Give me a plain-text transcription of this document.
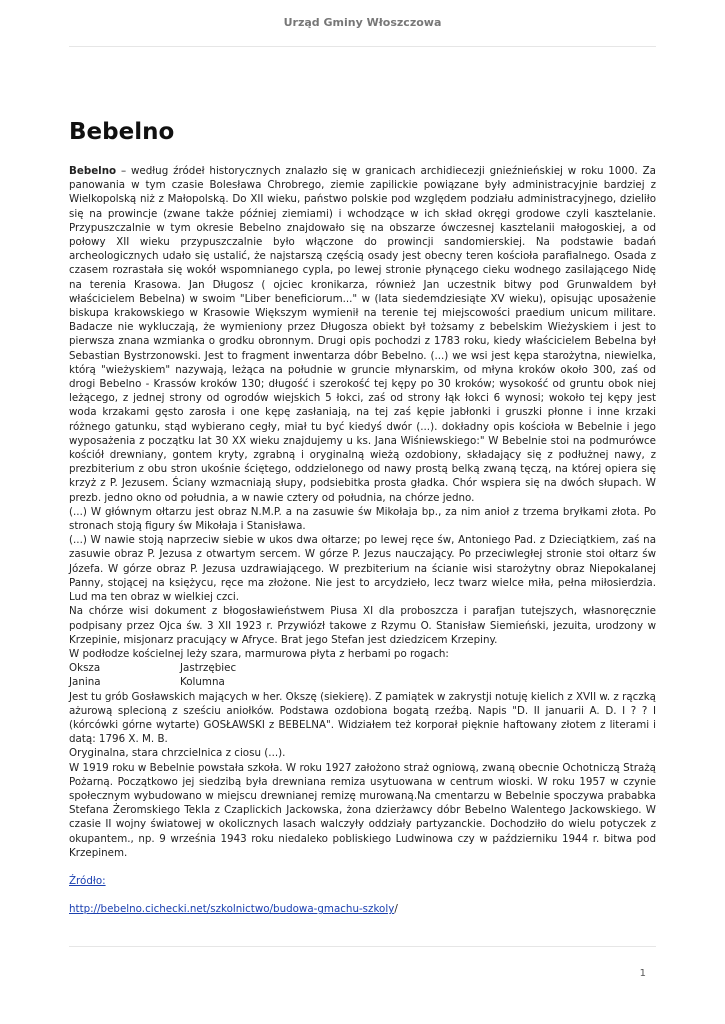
Urząd Gminy Włoszczowa
Bebelno

Bebelno – według źródeł historycznych znalazło się w granicach archidiecezji gnieźnieńskiej w roku 1000. Za panowania w tym czasie Bolesława Chrobrego, ziemie zapilickie powiązane były administracyjnie bardziej z Wielkopolską niż z Małopolską. Do XII wieku, państwo polskie pod względem podziału administracyjnego, dzieliło się na prowincje (zwane także później ziemiami) i wchodzące w ich skład okręgi grodowe czyli kasztelanie. Przypuszczalnie w tym okresie Bebelno znajdowało się na obszarze ówczesnej kasztelanii małogoskiej, a od połowy XII wieku przypuszczalnie było włączone do prowincji sandomierskiej. Na podstawie badań archeologicznych udało się ustalić, że najstarszą częścią osady jest obecny teren kościoła parafialnego. Osada z czasem rozrastała się wokół wspomnianego cypla, po lewej stronie płynącego cieku wodnego zasilającego Nidę na terenia Krasowa. Jan Długosz ( ojciec kronikarza, również Jan uczestnik bitwy pod Grunwaldem był właścicielem Bebelna) w swoim "Liber beneficiorum..." w (lata siedemdziesiąte XV wieku), opisując uposażenie biskupa krakowskiego w Krasowie Większym wymienił na terenie tej miejscowości praedium unicum militare. Badacze nie wykluczają, że wymieniony przez Długosza obiekt był tożsamy z bebelskim Wieżyskiem i jest to pierwsza znana wzmianka o grodku obronnym. Drugi opis pochodzi z 1783 roku, kiedy właścicielem Bebelna był Sebastian Bystrzonowski. Jest to fragment inwentarza dóbr Bebelno. (...) we wsi jest kępa starożytna, niewielka, którą "wieżyskiem" nazywają, leżąca na południe w gruncie młynarskim, od młyna kroków około 300, zaś od drogi Bebelno - Krassów kroków 130; długość i szerokość tej kępy po 30 kroków; wysokość od gruntu obok niej leżącego, z jednej strony od ogrodów wiejskich 5 łokci, zaś od strony łąk łokci 6 wynosi; wokoło tej kępy jest woda krzakami gęsto zarosła i one kępę zasłaniają, na tej zaś kępie jabłonki i gruszki płonne i inne krzaki różnego gatunku, stąd wybierano cegły, miał tu być kiedyś dwór (...). dokładny opis kościoła w Bebelnie i jego wyposażenia z początku lat 30 XX wieku znajdujemy u ks. Jana Wiśniewskiego:" W Bebelnie stoi na podmurówce kościół drewniany, gontem kryty, zgrabną i oryginalną wieżą ozdobiony, składający się z podłużnej nawy, z prezbiterium z obu stron ukośnie ściętego, oddzielonego od nawy prostą belką zwaną tęczą, na której opiera się krzyż z P. Jezusem. Ściany wzmacniają słupy, podsiebitka prosta gładka. Chór wspiera się na dwóch słupach. W prezb. jedno okno od południa, a w nawie cztery od południa, na chórze jedno.

(...) W głównym ołtarzu jest obraz N.M.P. a na zasuwie św Mikołaja bp., za nim anioł z trzema bryłkami złota. Po stronach stoją figury św Mikołaja i Stanisława.

(...) W nawie stoją naprzeciw siebie w ukos dwa ołtarze; po lewej ręce św, Antoniego Pad. z Dzieciątkiem, zaś na zasuwie obraz P. Jezusa z otwartym sercem. W górze P. Jezus nauczający. Po przeciwległej stronie stoi ołtarz św Józefa. W górze obraz P. Jezusa uzdrawiającego. W prezbiterium na ścianie wisi starożytny obraz Niepokalanej Panny, stojącej na księżycu, ręce ma złożone. Nie jest to arcydzieło, lecz twarz wielce miła, pełna miłosierdzia. Lud ma ten obraz w wielkiej czci.

Na chórze wisi dokument z błogosławieństwem Piusa XI dla proboszcza i parafjan tutejszych, własnoręcznie podpisany przez Ojca św. 3 XII 1923 r. Przywiózł takowe z Rzymu O. Stanisław Siemieński, jezuita, urodzony w Krzepinie, misjonarz pracujący w Afryce. Brat jego Stefan jest dziedzicem Krzepiny.

W podłodze kościelnej leży szara, marmurowa płyta z herbami po rogach:

Oksza	Jastrzębiec

Janina	Kolumna

Jest tu grób Gosławskich mających w her. Okszę (siekierę). Z pamiątek w zakrystji notuję kielich z XVII w. z rączką ażurową splecioną z sześciu aniołków. Podstawa ozdobiona bogatą rzeźbą. Napis "D. II januarii A. D. I ? ? I (kórcówki górne wytarte) GOSŁAWSKI z BEBELNA". Widziałem też korporał pięknie haftowany złotem z literami i datą: 1796 X. M. B.

Oryginalna, stara chrzcielnica z ciosu (...).

W 1919 roku w Bebelnie powstała szkoła. W roku 1927 założono straż ogniową, zwaną obecnie Ochotniczą Strażą Pożarną. Początkowo jej siedzibą była drewniana remiza usytuowana w centrum wioski. W roku 1957 w czynie społecznym wybudowano w miejscu drewnianej remizę murowaną.Na cmentarzu w Bebelnie spoczywa prababka Stefana Żeromskiego Tekla z Czaplickich Jackowska, żona dzierżawcy dóbr Bebelno Walentego Jackowskiego. W czasie II wojny światowej w okolicznych lasach walczyły oddziały partyzanckie. Dochodziło do wielu potyczek z okupantem., np. 9 września 1943 roku niedaleko pobliskiego Ludwinowa czy w październiku 1944 r. bitwa pod Krzepinem.

Źródło:

http://bebelno.cichecki.net/szkolnictwo/budowa-gmachu-szkoly/

1
